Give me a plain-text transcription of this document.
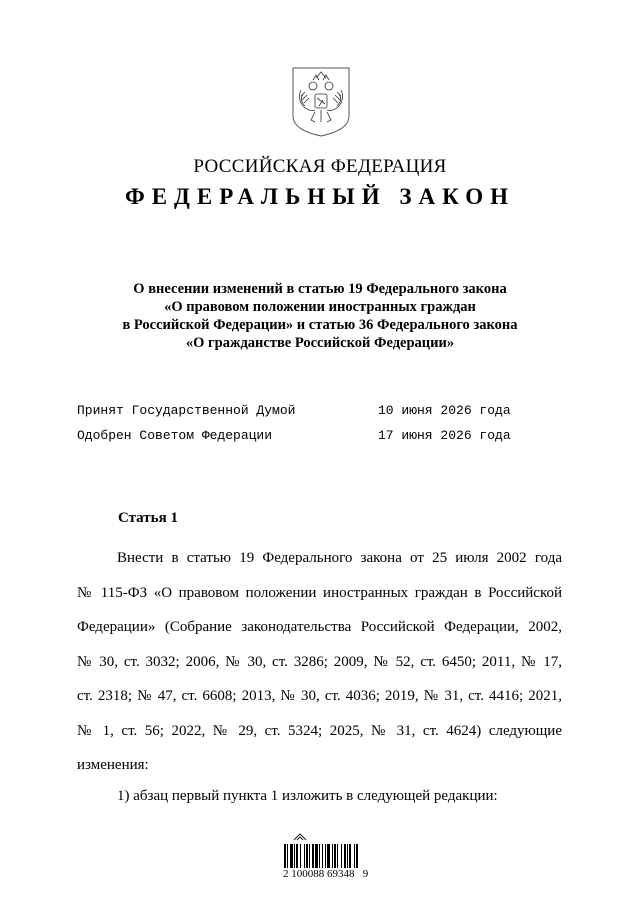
РОССИЙСКАЯ ФЕДЕРАЦИЯ
ФЕДЕРАЛЬНЫЙ ЗАКОН
О внесении изменений в статью 19 Федерального закона
«О правовом положении иностранных граждан
в Российской Федерации» и статью 36 Федерального закона
«О гражданстве Российской Федерации»
Принят Государственной Думой	10 июня 2026 года
Одобрен Советом Федерации	17 июня 2026 года
Статья 1
Внести в статью 19 Федерального закона от 25 июля 2002 года
№ 115-ФЗ «О правовом положении иностранных граждан в Российской
Федерации» (Собрание законодательства Российской Федерации, 2002,
№ 30, ст. 3032; 2006, № 30, ст. 3286; 2009, № 52, ст. 6450; 2011, № 17,
ст. 2318; № 47, ст. 6608; 2013, № 30, ст. 4036; 2019, № 31, ст. 4416; 2021,
№ 1, ст. 56; 2022, № 29, ст. 5324; 2025, № 31, ст. 4624) следующие
изменения:
1) абзац первый пункта 1 изложить в следующей редакции:
2 100088 69348   9
